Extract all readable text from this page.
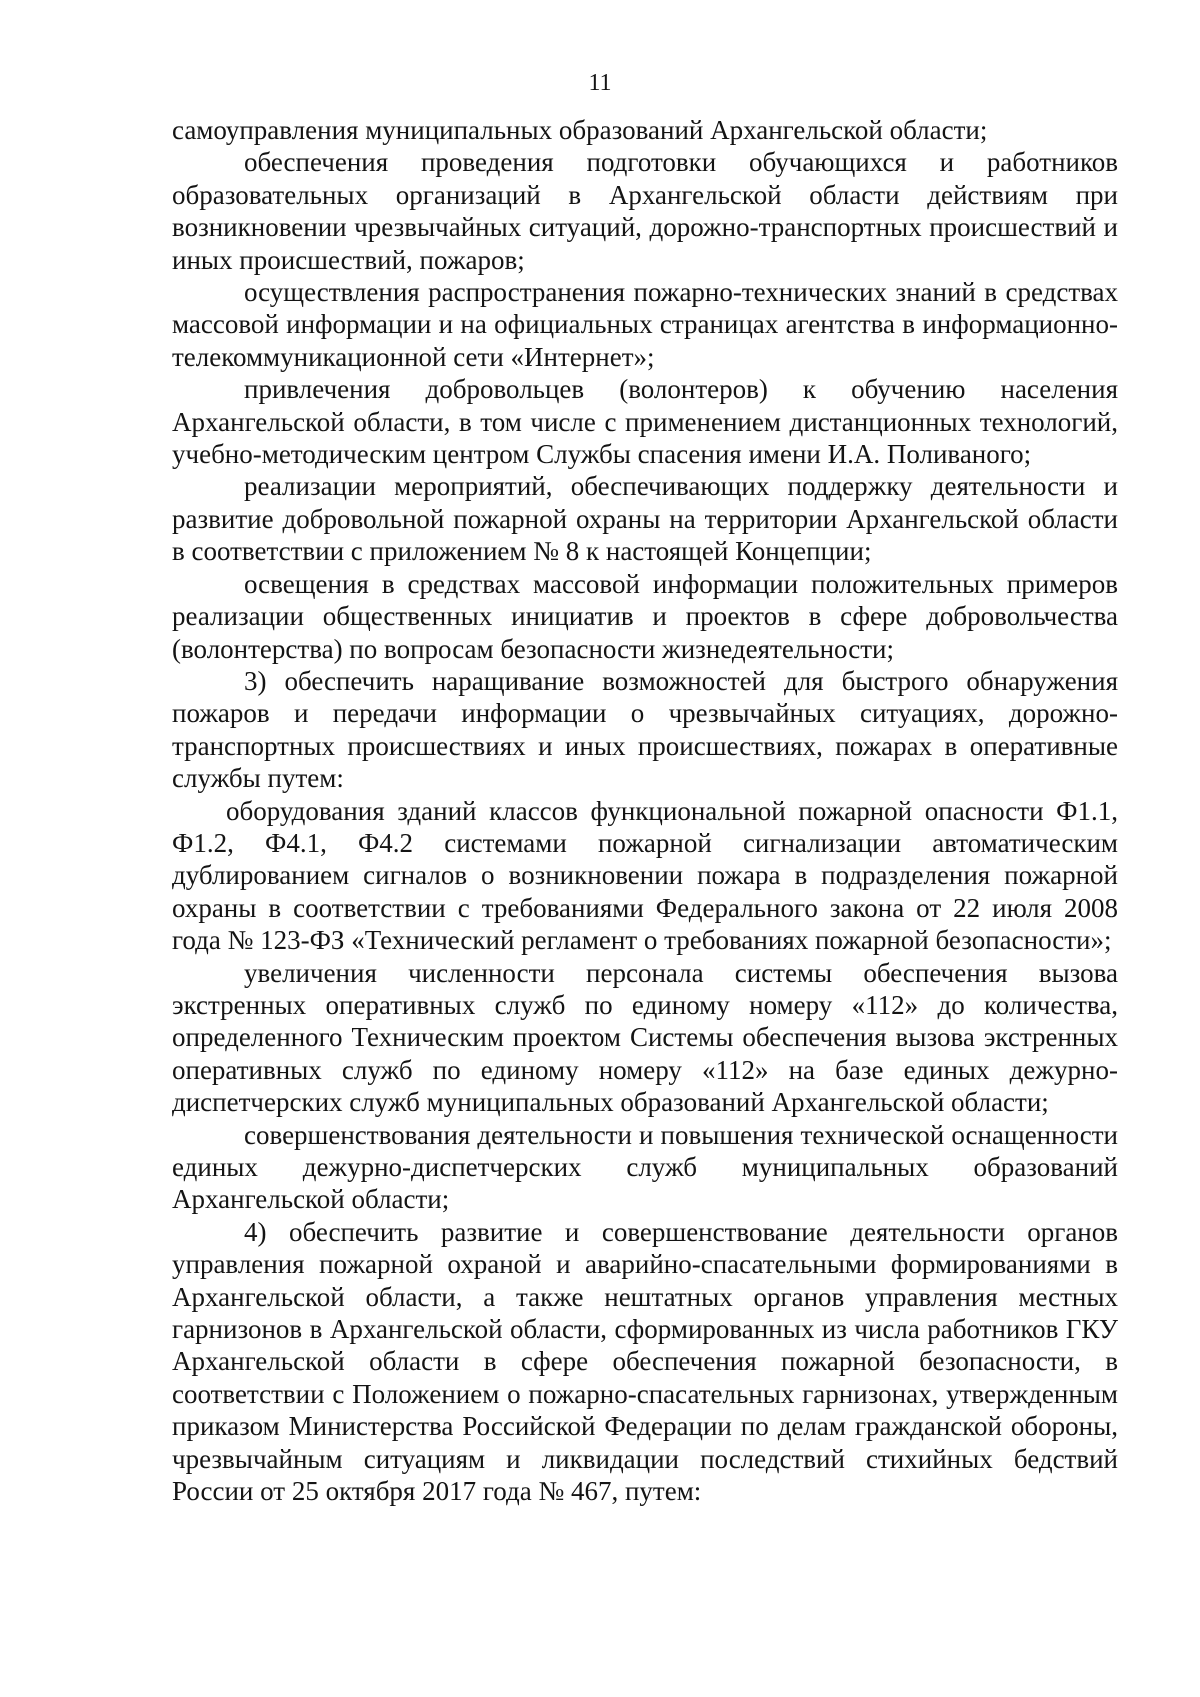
11

самоуправления муниципальных образований Архангельской области;

обеспечения проведения подготовки обучающихся и работников образовательных организаций в Архангельской области действиям при возникновении чрезвычайных ситуаций, дорожно-транспортных происшествий и иных происшествий, пожаров;

осуществления распространения пожарно-технических знаний в средствах массовой информации и на официальных страницах агентства в информационно-телекоммуникационной сети «Интернет»;

привлечения добровольцев (волонтеров) к обучению населения Архангельской области, в том числе с применением дистанционных технологий, учебно-методическим центром Службы спасения имени И.А. Поливаного;

реализации мероприятий, обеспечивающих поддержку деятельности и развитие добровольной пожарной охраны на территории Архангельской области в соответствии с приложением № 8 к настоящей Концепции;

освещения в средствах массовой информации положительных примеров реализации общественных инициатив и проектов в сфере добровольчества (волонтерства) по вопросам безопасности жизнедеятельности;

3) обеспечить наращивание возможностей для быстрого обнаружения пожаров и передачи информации о чрезвычайных ситуациях, дорожно-транспортных происшествиях и иных происшествиях, пожарах в оперативные службы путем:

оборудования зданий классов функциональной пожарной опасности Ф1.1, Ф1.2, Ф4.1, Ф4.2 системами пожарной сигнализации автоматическим дублированием сигналов о возникновении пожара в подразделения пожарной охраны в соответствии с требованиями Федерального закона от 22 июля 2008 года № 123-ФЗ «Технический регламент о требованиях пожарной безопасности»;

увеличения численности персонала системы обеспечения вызова экстренных оперативных служб по единому номеру «112» до количества, определенного Техническим проектом Системы обеспечения вызова экстренных оперативных служб по единому номеру «112» на базе единых дежурно-диспетчерских служб муниципальных образований Архангельской области;

совершенствования деятельности и повышения технической оснащенности единых дежурно-диспетчерских служб муниципальных образований Архангельской области;

4) обеспечить развитие и совершенствование деятельности органов управления пожарной охраной и аварийно-спасательными формированиями в Архангельской области, а также нештатных органов управления местных гарнизонов в Архангельской области, сформированных из числа работников ГКУ Архангельской области в сфере обеспечения пожарной безопасности, в соответствии с Положением о пожарно-спасательных гарнизонах, утвержденным приказом Министерства Российской Федерации по делам гражданской обороны, чрезвычайным ситуациям и ликвидации последствий стихийных бедствий России от 25 октября 2017 года № 467, путем:
